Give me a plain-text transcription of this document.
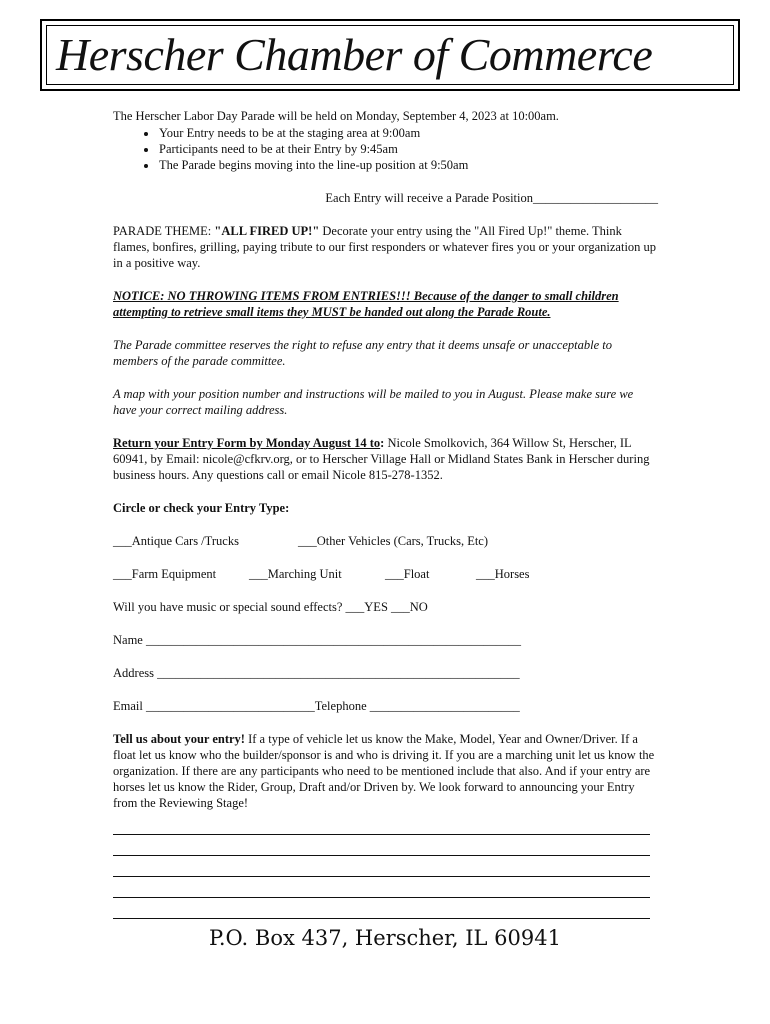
Herscher Chamber of Commerce

The Herscher Labor Day Parade will be held on Monday, September 4, 2023 at 10:00am.

• Your Entry needs to be at the staging area at 9:00am
• Participants need to be at their Entry by 9:45am
• The Parade begins moving into the line-up position at 9:50am

Each Entry will receive a Parade Position____________________

PARADE THEME: "ALL FIRED UP!" Decorate your entry using the "All Fired Up!" theme. Think flames, bonfires, grilling, paying tribute to our first responders or whatever fires you or your organization up in a positive way.

NOTICE: NO THROWING ITEMS FROM ENTRIES!!! Because of the danger to small children attempting to retrieve small items they MUST be handed out along the Parade Route.

The Parade committee reserves the right to refuse any entry that it deems unsafe or unacceptable to members of the parade committee.

A map with your position number and instructions will be mailed to you in August. Please make sure we have your correct mailing address.

Return your Entry Form by Monday August 14 to: Nicole Smolkovich, 364 Willow St, Herscher, IL 60941, by Email: nicole@cfkrv.org, or to Herscher Village Hall or Midland States Bank in Herscher during business hours. Any questions call or email Nicole 815-278-1352.

Circle or check your Entry Type:

___Antique Cars /Trucks	___Other Vehicles (Cars, Trucks, Etc)
___Farm Equipment	___Marching Unit	___Float	___Horses

Will you have music or special sound effects? ___YES ___NO

Name ____________________________________________________________

Address __________________________________________________________

Email ___________________________Telephone ________________________

Tell us about your entry! If a type of vehicle let us know the Make, Model, Year and Owner/Driver. If a float let us know who the builder/sponsor is and who is driving it. If you are a marching unit let us know the organization. If there are any participants who need to be mentioned include that also. And if your entry are horses let us know the Rider, Group, Draft and/or Driven by. We look forward to announcing your Entry from the Reviewing Stage!

P.O. Box 437, Herscher, IL 60941
